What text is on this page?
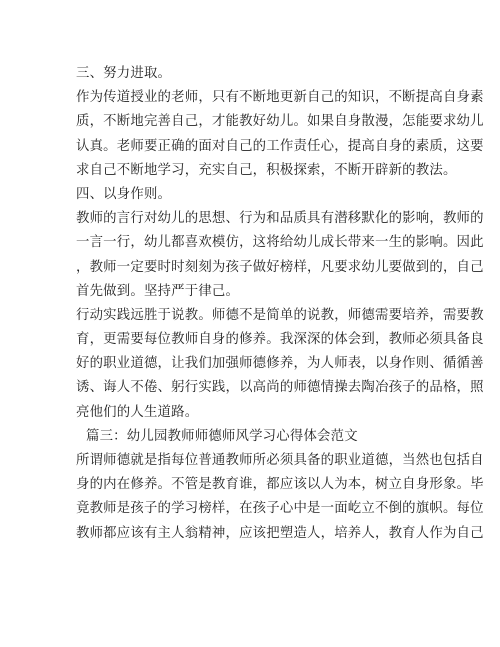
三、努力进取。
作为传道授业的老师，只有不断地更新自己的知识，不断提高自身素
质，不断地完善自己，才能教好幼儿。如果自身散漫，怎能要求幼儿
认真。老师要正确的面对自己的工作责任心，提高自身的素质，这要
求自己不断地学习，充实自己，积极探索，不断开辟新的教法。
四、以身作则。
教师的言行对幼儿的思想、行为和品质具有潜移默化的影响，教师的
一言一行，幼儿都喜欢模仿，这将给幼儿成长带来一生的影响。因此
，教师一定要时时刻刻为孩子做好榜样，凡要求幼儿要做到的，自己
首先做到。坚持严于律己。
行动实践远胜于说教。师德不是简单的说教，师德需要培养，需要教
育，更需要每位教师自身的修养。我深深的体会到，教师必须具备良
好的职业道德，让我们加强师德修养，为人师表，以身作则、循循善
诱、诲人不倦、躬行实践，以高尚的师德情操去陶冶孩子的品格，照
亮他们的人生道路。
篇三：幼儿园教师师德师风学习心得体会范文
所谓师德就是指每位普通教师所必须具备的职业道德，当然也包括自
身的内在修养。不管是教育谁，都应该以人为本，树立自身形象。毕
竟教师是孩子的学习榜样，在孩子心中是一面屹立不倒的旗帜。每位
教师都应该有主人翁精神，应该把塑造人，培养人，教育人作为自己
